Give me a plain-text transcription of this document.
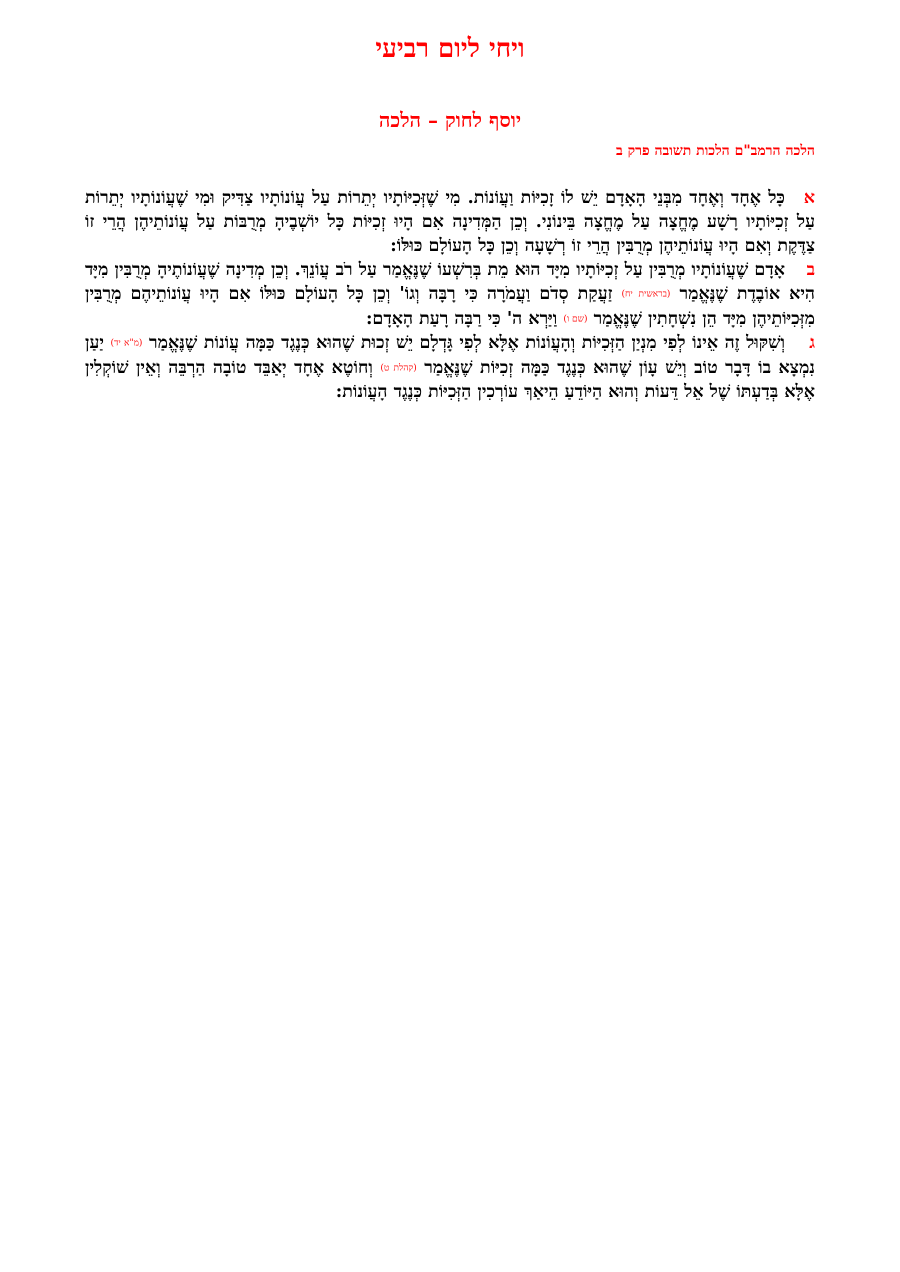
ויחי ליום רביעי
יוסף לחוק – הלכה
הלכה הרמב"ם הלכות תשובה פרק ב

אכָּל אֶחָד וְאֶחָד מִבְּנֵי הָאָדָם יֵשׁ לוֹ זָכִיּוֹת וַעֲוֹנוֹת. מִי שֶׁזְּכִיּוֹתָיו יְתֵרוֹת עַל עֲוֹנוֹתָיו צַדִּיק וּמִי שֶׁעֲוֹנוֹתָיו יְתֵרוֹת עַל זְכִיּוֹתָיו רָשָׁע מֶחֱצָה עַל מֶחֱצָה בֵּינוֹנִי. וְכֵן הַמְּדִינָה אִם הָיוּ זְכִיּוֹת כָּל יוֹשְׁבֶיהָ מְרֻבּוֹת עַל עֲוֹנוֹתֵיהֶן הֲרֵי זוֹ צַדֶּקֶת וְאִם הָיוּ עֲוֹנוֹתֵיהֶן מְרֻבִּין הֲרֵי זוֹ רְשָׁעָה וְכֵן כָּל הָעוֹלָם כּוּלּוֹ:

באָדָם שֶׁעֲוֹנוֹתָיו מְרֻבִּין עַל זְכִיּוֹתָיו מִיָּד הוּא מֵת בְּרִשְׁעוֹ שֶׁנֶּאֱמַר עַל רֹב עֲוֹנֵךְ. וְכֵן מְדִינָה שֶׁעֲוֹנוֹתֶיהָ מְרֻבִּין מִיָּד הִיא אוֹבֶדֶת שֶׁנֶּאֱמַר (בראשית יח) זַעֲקַת סְדֹם וַעֲמֹרָה כִּי רָבָּה וְגוֹ' וְכֵן כָּל הָעוֹלָם כּוּלּוֹ אִם הָיוּ עֲוֹנוֹתֵיהֶם מְרֻבִּין מִזְּכִיּוֹתֵיהֶן מִיָּד הֵן נִשְׁחָתִין שֶׁנֶּאֱמַר (שם ו) וַיַּרְא ה' כִּי רַבָּה רָעַת הָאָדָם:

גוְשִׁקּוּל זֶה אֵינוֹ לְפִי מִנְיַן הַזְּכִיּוֹת וְהָעֲוֹנוֹת אֶלָּא לְפִי גָּדְלָם יֵשׁ זְכוּת שֶׁהוּא כְּנֶגֶד כַּמָּה עֲוֹנוֹת שֶׁנֶּאֱמַר (מ"א יד) יַעַן נִמְצָא בוֹ דָּבָר טוֹב וְיֵשׁ עָוֹן שֶׁהוּא כְּנֶגֶד כַּמָּה זְכִיּוֹת שֶׁנֶּאֱמַר (קהלת ט) וְחוֹטֶא אֶחָד יְאַבֵּד טוֹבָה הַרְבֵּה וְאֵין שׁוֹקְלִין אֶלָּא בְּדַעְתּוֹ שֶׁל אֵל דֵּעוֹת וְהוּא הַיּוֹדֵעַ הֵיאַךְ עוֹרְכִין הַזְּכִיּוֹת כְּנֶגֶד הָעֲוֹנוֹת:
